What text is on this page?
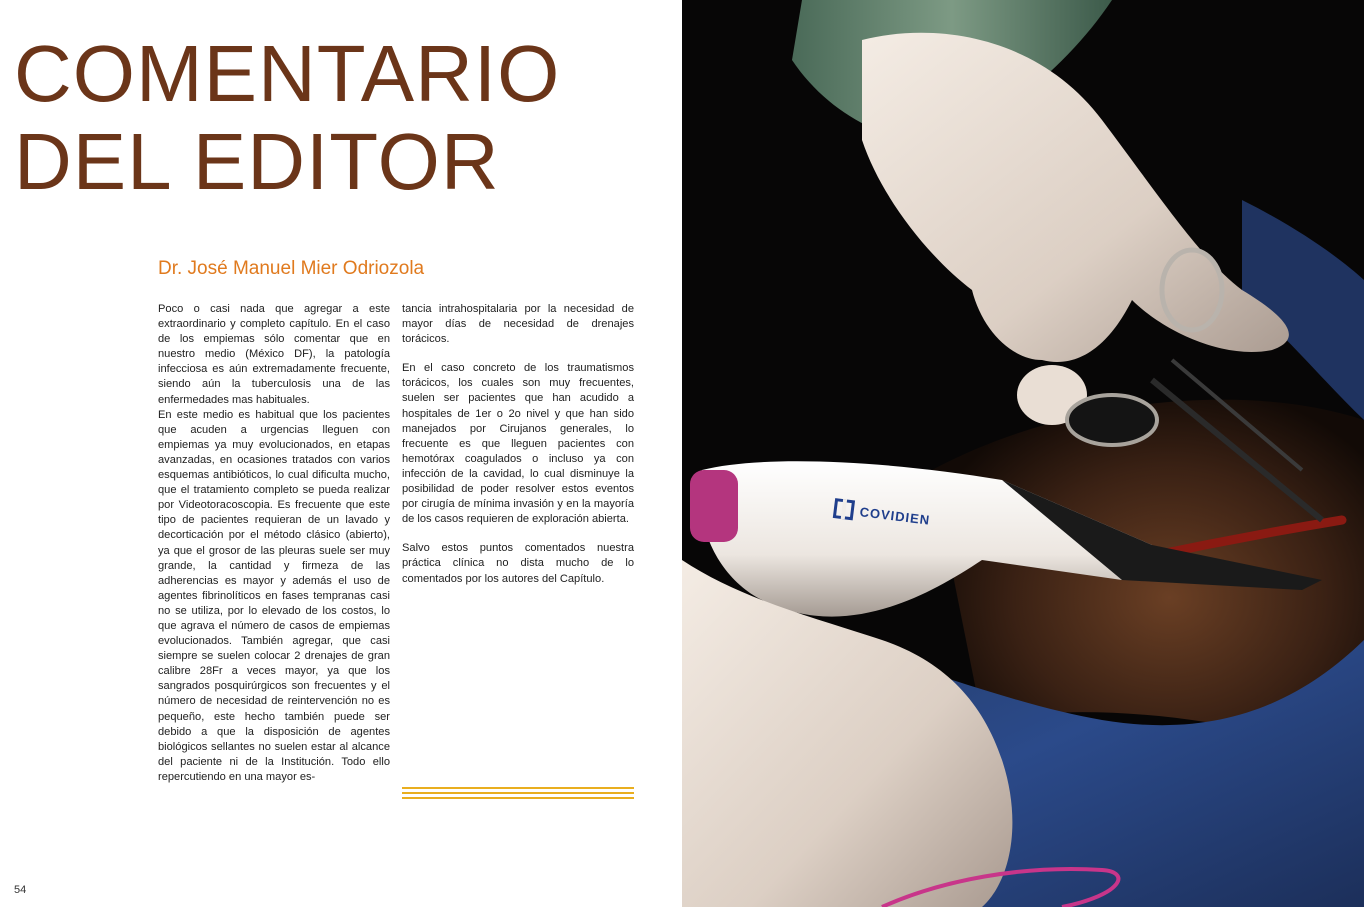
COMENTARIO
DEL EDITOR
Dr. José Manuel Mier Odriozola

Poco o casi nada que agregar a este extraordinario y completo capítulo. En el caso de los empiemas sólo comentar que en nuestro medio (México DF), la patología infecciosa es aún extremadamente frecuente, siendo aún la tuberculosis una de las enfermedades mas habituales.

En este medio es habitual que los pacientes que acuden a urgencias lleguen con empiemas ya muy evolucionados, en etapas avanzadas, en ocasiones tratados con varios esquemas antibióticos, lo cual dificulta mucho, que el tratamiento completo se pueda realizar por Videotoracoscopia. Es frecuente que este tipo de pacientes requieran de un lavado y decorticación por el método clásico (abierto), ya que el grosor de las pleuras suele ser muy grande, la cantidad y firmeza de las adherencias es mayor y además el uso de agentes fibrinolíticos en fases tempranas casi no se utiliza, por lo elevado de los costos, lo que agrava el número de casos de empiemas evolucionados. También agregar, que casi siempre se suelen colocar 2 drenajes de gran calibre 28Fr a veces mayor, ya que los sangrados posquirúrgicos son frecuentes y el número de necesidad de reintervención no es pequeño, este hecho también puede ser debido a que la disposición de agentes biológicos sellantes no suelen estar al alcance del paciente ni de la Institución. Todo ello repercutiendo en una mayor es-

tancia intrahospitalaria por la necesidad de mayor días de necesidad de drenajes torácicos.

En el caso concreto de los traumatismos torácicos, los cuales son muy frecuentes, suelen ser pacientes que han acudido a hospitales de 1er o 2o nivel y que han sido manejados por Cirujanos generales, lo frecuente es que lleguen pacientes con hemotórax coagulados o incluso ya con infección de la cavidad, lo cual disminuye la posibilidad de poder resolver estos eventos por cirugía de mínima invasión y en la mayoría de los casos requieren de exploración abierta.

Salvo estos puntos comentados nuestra práctica clínica no dista mucho de lo comentados por los autores del Capítulo.

54
COVIDIEN
